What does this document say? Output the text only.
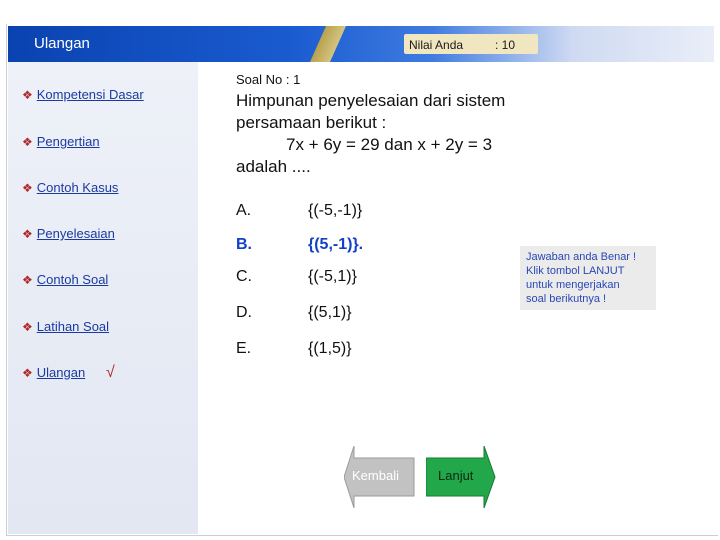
Ulangan	Nilai Anda	: 10
❖ Kompetensi Dasar
❖ Pengertian
❖ Contoh Kasus
❖ Penyelesaian
❖ Contoh Soal
❖ Latihan Soal
❖ Ulangan √
Soal No : 1
Himpunan penyelesaian dari sistem
persamaan berikut :
7x + 6y = 29 dan x + 2y = 3
adalah ....
A.	{(-5,-1)}
B.	{(5,-1)}.
C.	{(-5,1)}
D.	{(5,1)}
E.	{(1,5)}
Jawaban anda Benar !
Klik tombol LANJUT
untuk mengerjakan
soal berikutnya !
Kembali	Lanjut
